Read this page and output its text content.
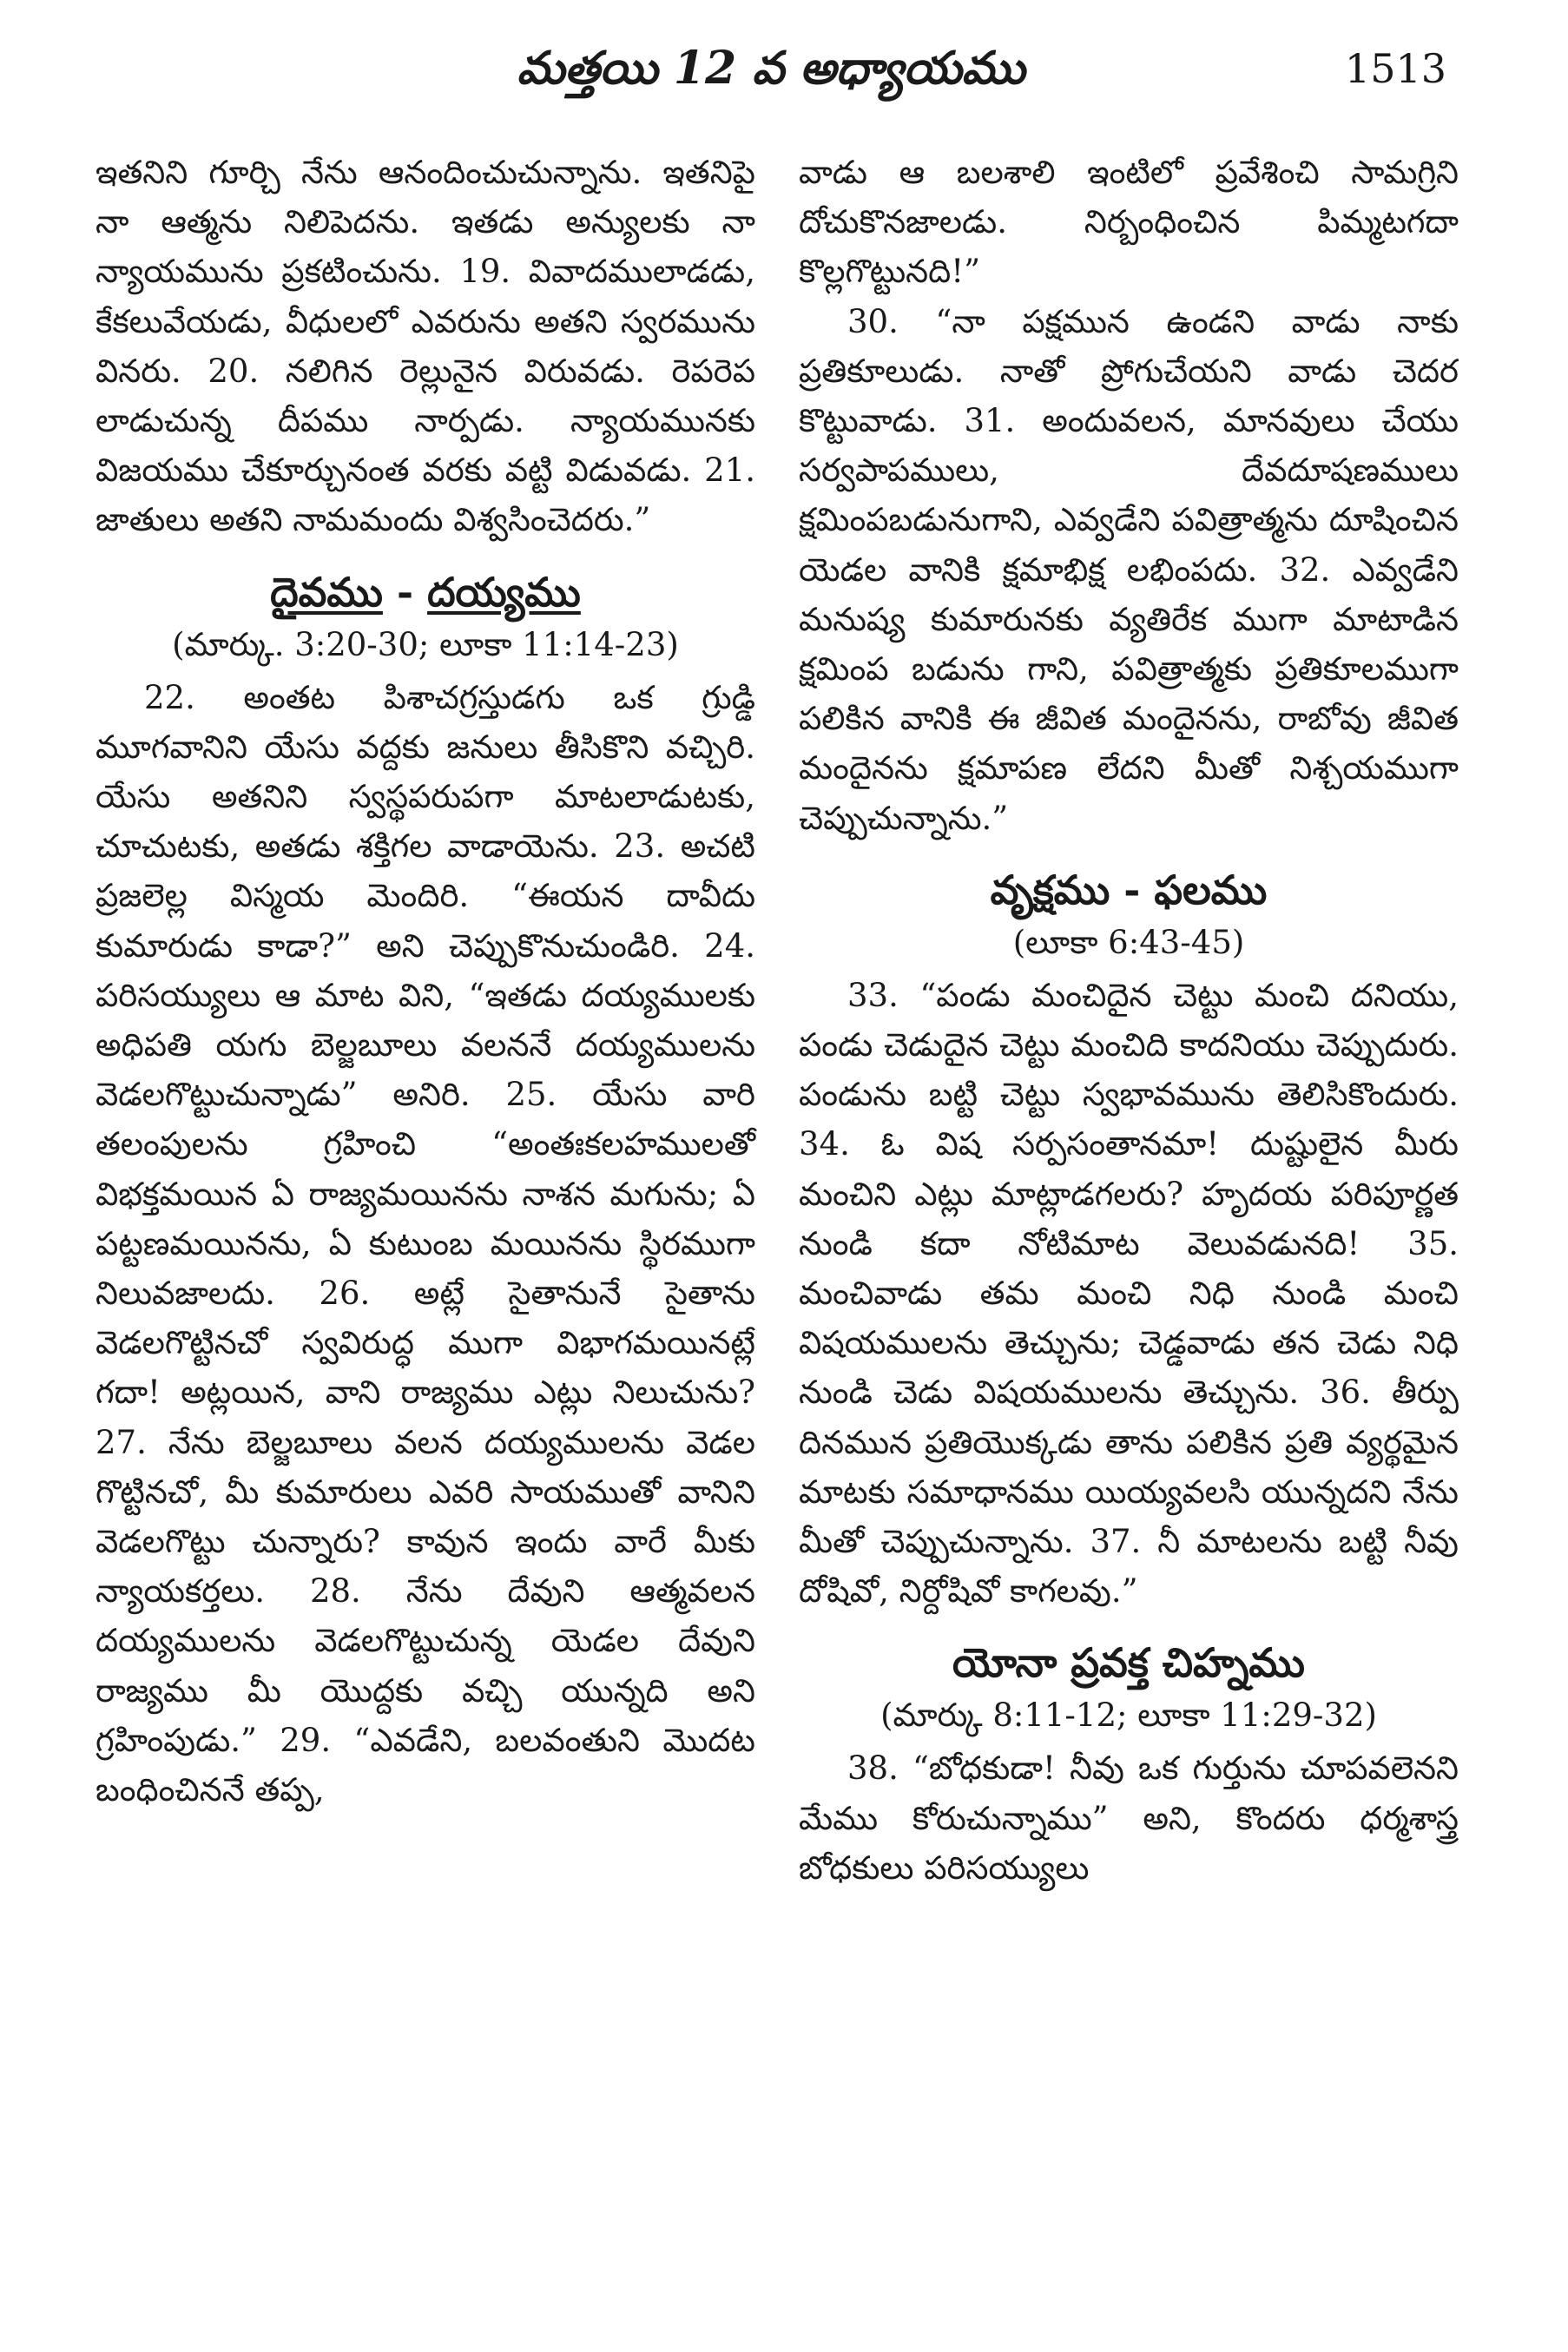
మత్తయి 12 వ అధ్యాయము	1513

ఇతనిని గూర్చి నేను ఆనందించుచున్నాను. ఇతనిపై నా ఆత్మను నిలిపెదను. ఇతడు అన్యులకు నా న్యాయమును ప్రకటించును. 19. వివాదములాడడు, కేకలువేయడు, వీధులలో ఎవరును అతని స్వరమును వినరు. 20. నలిగిన రెల్లునైన విరువడు. రెపరెప లాడుచున్న దీపము నార్పడు. న్యాయమునకు విజయము చేకూర్చునంత వరకు వట్టి విడువడు. 21. జాతులు అతని నామమందు విశ్వసించెదరు.”

దైవము - దయ్యము
(మార్కు. 3:20-30; లూకా 11:14-23)

22. అంతట పిశాచగ్రస్తుడగు ఒక గ్రుడ్డి మూగవానిని యేసు వద్దకు జనులు తీసికొని వచ్చిరి. యేసు అతనిని స్వస్థపరుపగా మాటలాడుటకు, చూచుటకు, అతడు శక్తిగల వాడాయెను. 23. అచటి ప్రజలెల్ల విస్మయ మెందిరి. “ఈయన దావీదు కుమారుడు కాడా?” అని చెప్పుకొనుచుండిరి. 24. పరిసయ్యులు ఆ మాట విని, “ఇతడు దయ్యములకు అధిపతి యగు బెల్జబూలు వలననే దయ్యములను వెడలగొట్టుచున్నాడు” అనిరి. 25. యేసు వారి తలంపులను గ్రహించి “అంతఃకలహములతో విభక్తమయిన ఏ రాజ్యమయినను నాశన మగును; ఏ పట్టణమయినను, ఏ కుటుంబ మయినను స్థిరముగా నిలువజాలదు. 26. అట్లే సైతానునే సైతాను వెడలగొట్టినచో స్వవిరుద్ధ ముగా విభాగమయినట్లే గదా! అట్లయిన, వాని రాజ్యము ఎట్లు నిలుచును? 27. నేను బెల్జబూలు వలన దయ్యములను వెడల గొట్టినచో, మీ కుమారులు ఎవరి సాయముతో వానిని వెడలగొట్టు చున్నారు? కావున ఇందు వారే మీకు న్యాయకర్తలు. 28. నేను దేవుని ఆత్మవలన దయ్యములను వెడలగొట్టుచున్న యెడల దేవుని రాజ్యము మీ యొద్దకు వచ్చి యున్నది అని గ్రహింపుడు.” 29. “ఎవడేని, బలవంతుని మొదట బంధించిననే తప్ప,

వాడు ఆ బలశాలి ఇంటిలో ప్రవేశించి సామగ్రిని దోచుకొనజాలడు. నిర్బంధించిన పిమ్మటగదా కొల్లగొట్టునది!”

30. “నా పక్షమున ఉండని వాడు నాకు ప్రతికూలుడు. నాతో ప్రోగుచేయని వాడు చెదర కొట్టువాడు. 31. అందువలన, మానవులు చేయు సర్వపాపములు, దేవదూషణములు క్షమింపబడునుగాని, ఎవ్వడేని పవిత్రాత్మను దూషించిన యెడల వానికి క్షమాభిక్ష లభింపదు. 32. ఎవ్వడేని మనుష్య కుమారునకు వ్యతిరేక ముగా మాటాడిన క్షమింప బడును గాని, పవిత్రాత్మకు ప్రతికూలముగా పలికిన వానికి ఈ జీవిత మందైనను, రాబోవు జీవిత మందైనను క్షమాపణ లేదని మీతో నిశ్చయముగా చెప్పుచున్నాను.”

వృక్షము - ఫలము
(లూకా 6:43-45)

33. “పండు మంచిదైన చెట్టు మంచి దనియు, పండు చెడుదైన చెట్టు మంచిది కాదనియు చెప్పుదురు. పండును బట్టి చెట్టు స్వభావమును తెలిసికొందురు. 34. ఓ విష సర్పసంతానమా! దుష్టులైన మీరు మంచిని ఎట్లు మాట్లాడగలరు? హృదయ పరిపూర్ణత నుండి కదా నోటిమాట వెలువడునది! 35. మంచివాడు తమ మంచి నిధి నుండి మంచి విషయములను తెచ్చును; చెడ్డవాడు తన చెడు నిధి నుండి చెడు విషయములను తెచ్చును. 36. తీర్పు దినమున ప్రతియొక్కడు తాను పలికిన ప్రతి వ్యర్థమైన మాటకు సమాధానము యియ్యవలసి యున్నదని నేను మీతో చెప్పుచున్నాను. 37. నీ మాటలను బట్టి నీవు దోషివో, నిర్దోషివో కాగలవు.”

యోనా ప్రవక్త చిహ్నము
(మార్కు 8:11-12; లూకా 11:29-32)

38. “బోధకుడా! నీవు ఒక గుర్తును చూపవలెనని మేము కోరుచున్నాము” అని, కొందరు ధర్మశాస్త్ర బోధకులు పరిసయ్యులు
